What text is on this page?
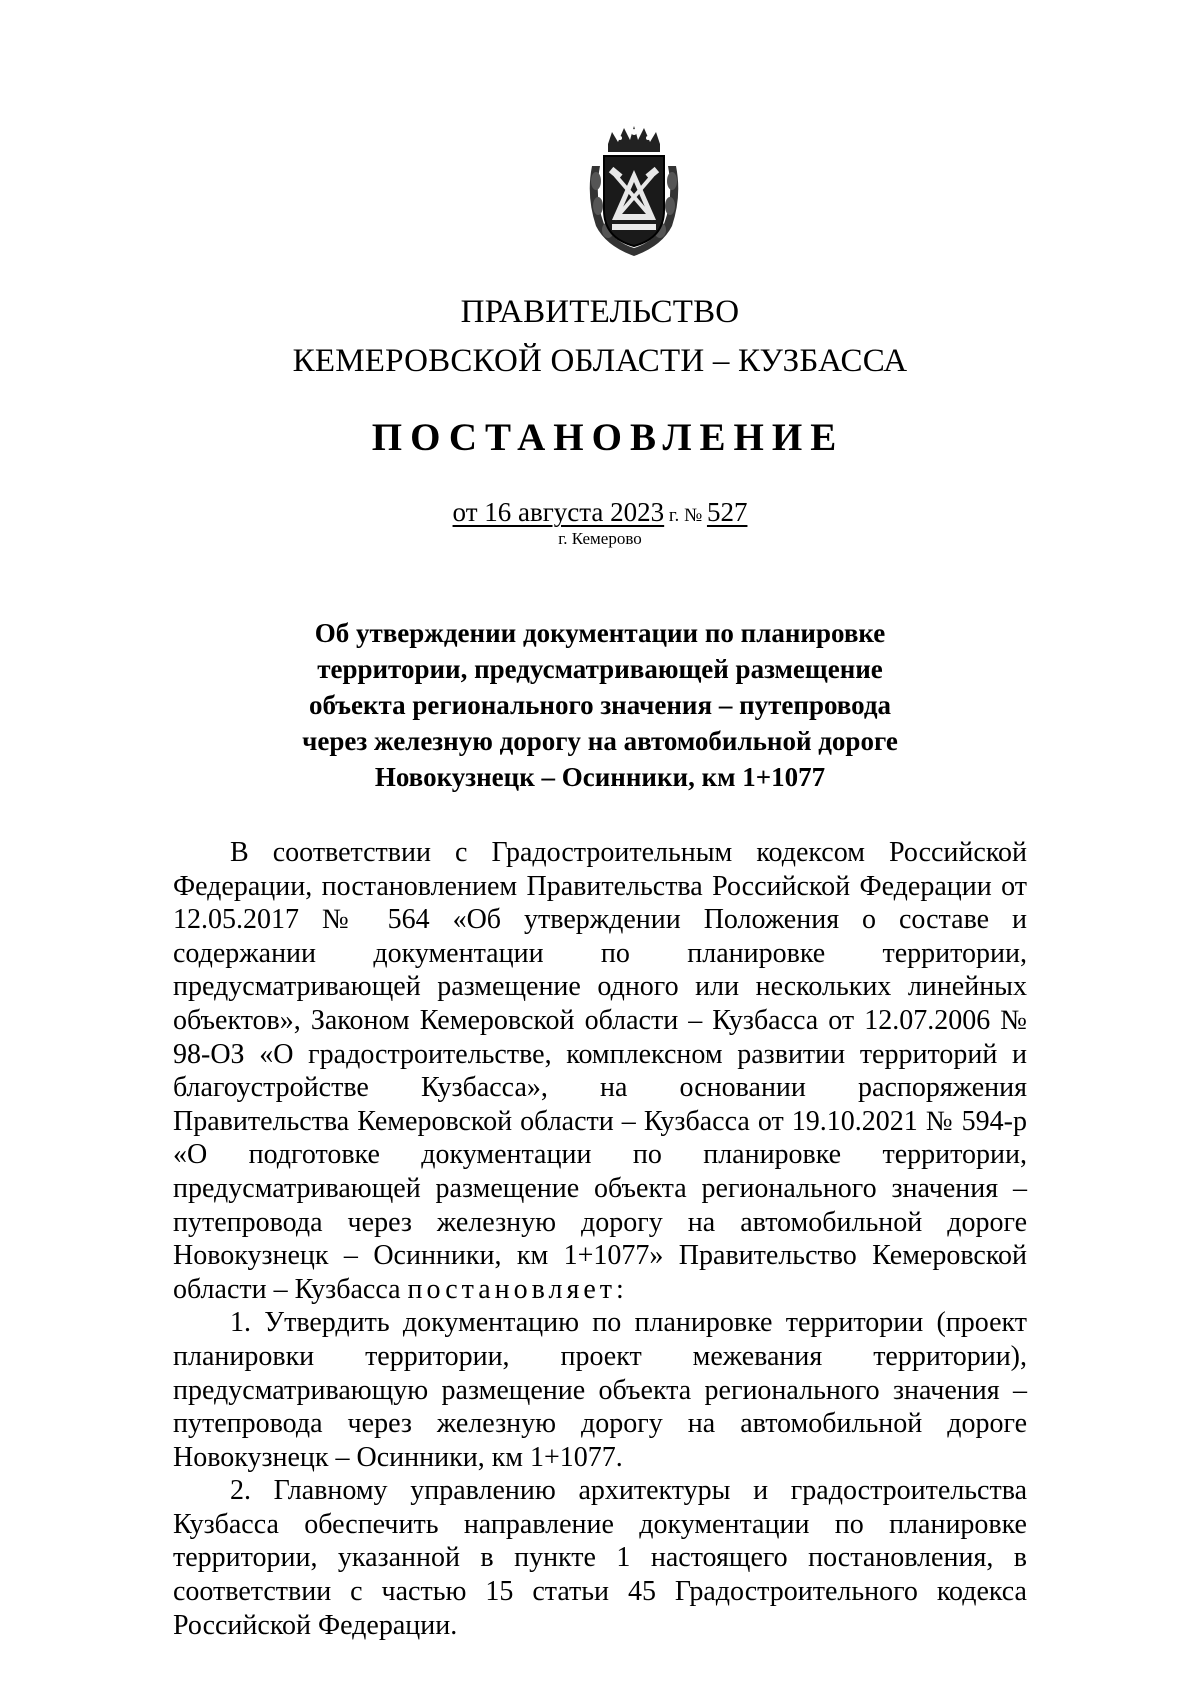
ПРАВИТЕЛЬСТВО
КЕМЕРОВСКОЙ ОБЛАСТИ – КУЗБАССА
ПОСТАНОВЛЕНИЕ
от 16 августа 2023 г. № 527
г. Кемерово
Об утверждении документации по планировке территории, предусматривающей размещение объекта регионального значения – путепровода через железную дорогу на автомобильной дороге Новокузнецк – Осинники, км 1+1077

В соответствии с Градостроительным кодексом Российской Федерации, постановлением Правительства Российской Федерации от 12.05.2017 № 564 «Об утверждении Положения о составе и содержании документации по планировке территории, предусматривающей размещение одного или нескольких линейных объектов», Законом Кемеровской области – Кузбасса от 12.07.2006 № 98-ОЗ «О градостроительстве, комплексном развитии территорий и благоустройстве Кузбасса», на основании распоряжения Правительства Кемеровской области – Кузбасса от 19.10.2021 № 594-р «О подготовке документации по планировке территории, предусматривающей размещение объекта регионального значения – путепровода через железную дорогу на автомобильной дороге Новокузнецк – Осинники, км 1+1077» Правительство Кемеровской области – Кузбасса постановляет:

1. Утвердить документацию по планировке территории (проект планировки территории, проект межевания территории), предусматривающую размещение объекта регионального значения – путепровода через железную дорогу на автомобильной дороге Новокузнецк – Осинники, км 1+1077.

2. Главному управлению архитектуры и градостроительства Кузбасса обеспечить направление документации по планировке территории, указанной в пункте 1 настоящего постановления, в соответствии с частью 15 статьи 45 Градостроительного кодекса Российской Федерации.
